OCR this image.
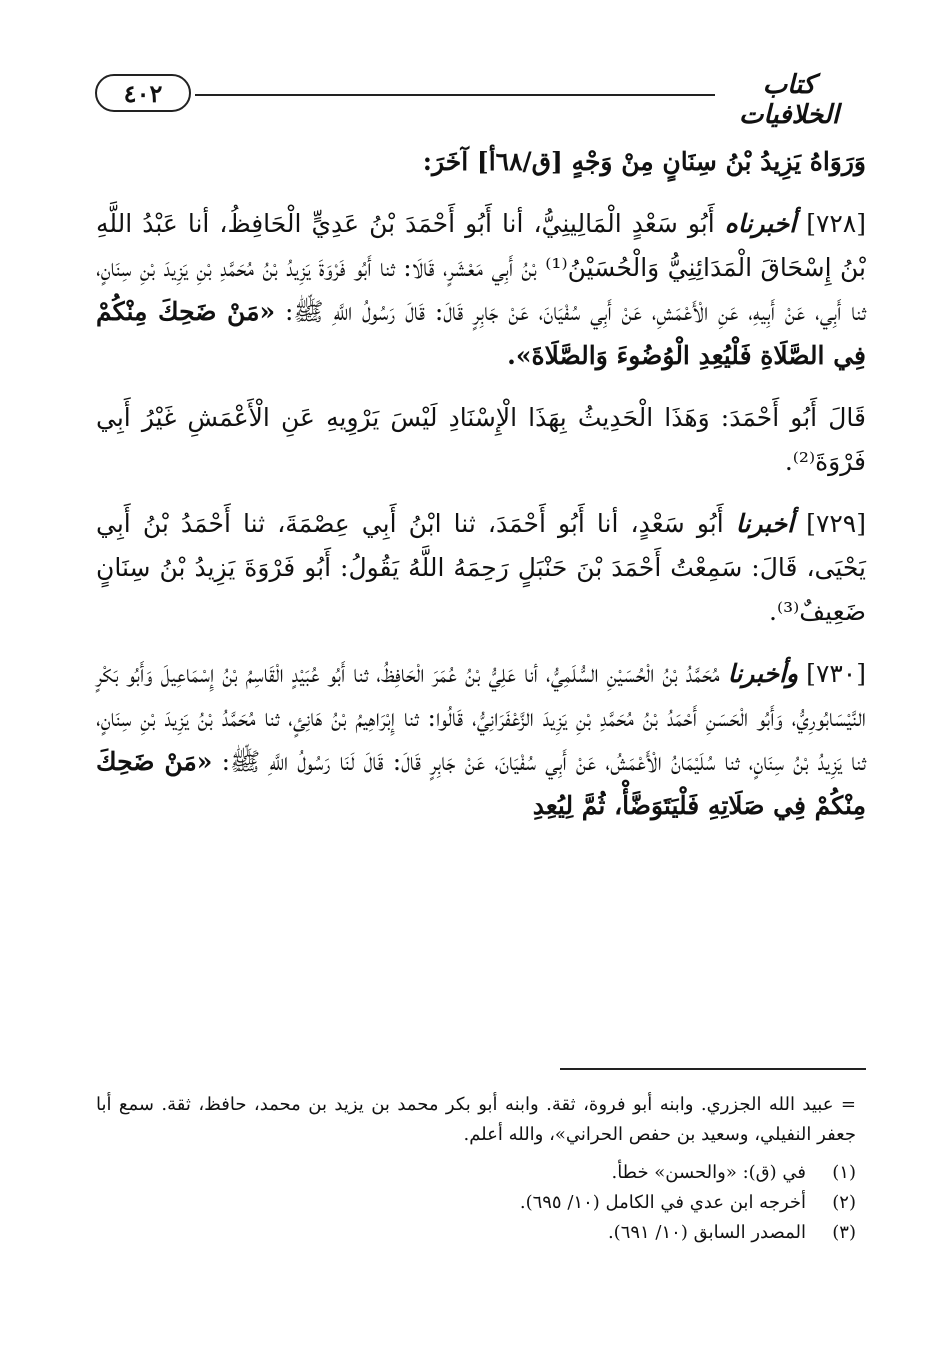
٤٠٢	كتاب الخلافيات

وَرَوَاهُ يَزِيدُ بْنُ سِنَانٍ مِنْ وَجْهٍ [ق/٦٨أ] آخَرَ:

[٧٢٨] أخبرناه أَبُو سَعْدٍ الْمَالِينِيُّ، أنا أَبُو أَحْمَدَ بْنُ عَدِيٍّ الْحَافِظُ، أنا عَبْدُ اللَّهِ بْنُ إِسْحَاقَ الْمَدَائِنِيُّ وَالْحُسَيْنُ⁽¹⁾ بْنُ أَبِي مَعْشَرٍ، قَالَا: ثنا أَبُو فَرْوَةَ يَزِيدُ بْنُ مُحَمَّدِ بْنِ يَزِيدَ بْنِ سِنَانٍ، ثنا أَبِي، عَنْ أَبِيهِ، عَنِ الْأَعْمَشِ، عَنْ أَبِي سُفْيَانَ، عَنْ جَابِرٍ قَالَ: قَالَ رَسُولُ اللَّهِ ﷺ: «مَنْ ضَحِكَ مِنْكُمْ فِي الصَّلَاةِ فَلْيُعِدِ الْوُضُوءَ وَالصَّلَاةَ».

قَالَ أَبُو أَحْمَدَ: وَهَذَا الْحَدِيثُ بِهَذَا الْإِسْنَادِ لَيْسَ يَرْوِيهِ عَنِ الْأَعْمَشِ غَيْرُ أَبِي فَرْوَةَ⁽²⁾.

[٧٢٩] أخبرنا أَبُو سَعْدٍ، أنا أَبُو أَحْمَدَ، ثنا ابْنُ أَبِي عِصْمَةَ، ثنا أَحْمَدُ بْنُ أَبِي يَحْيَى، قَالَ: سَمِعْتُ أَحْمَدَ بْنَ حَنْبَلٍ رَحِمَهُ اللَّهُ يَقُولُ: أَبُو فَرْوَةَ يَزِيدُ بْنُ سِنَانٍ ضَعِيفٌ⁽³⁾.

[٧٣٠] وأخبرنا مُحَمَّدُ بْنُ الْحُسَيْنِ السُّلَمِيُّ، أنا عَلِيُّ بْنُ عُمَرَ الْحَافِظُ، ثنا أَبُو عُبَيْدٍ الْقَاسِمُ بْنُ إِسْمَاعِيلَ وَأَبُو بَكْرٍ النَّيْسَابُورِيُّ، وَأَبُو الْحَسَنِ أَحْمَدُ بْنُ مُحَمَّدِ بْنِ يَزِيدَ الزَّعْفَرَانِيُّ، قَالُوا: ثنا إِبْرَاهِيمُ بْنُ هَانِئٍ، ثنا مُحَمَّدُ بْنُ يَزِيدَ بْنِ سِنَانٍ، ثنا يَزِيدُ بْنُ سِنَانٍ، ثنا سُلَيْمَانُ الْأَعْمَشُ، عَنْ أَبِي سُفْيَانَ، عَنْ جَابِرٍ قَالَ: قَالَ لَنَا رَسُولُ اللَّهِ ﷺ: «مَنْ ضَحِكَ مِنْكُمْ فِي صَلَاتِهِ فَلْيَتَوَضَّأْ، ثُمَّ لِيُعِدِ

= عبيد الله الجزري. وابنه أبو فروة، ثقة. وابنه أبو بكر محمد بن يزيد بن محمد، حافظ، ثقة. سمع أبا جعفر النفيلي، وسعيد بن حفص الحراني»، والله أعلم.

(١)
في (ق): «والحسن» خطأ.
(٢)
أخرجه ابن عدي في الكامل (١٠/ ٦٩٥).
(٣)
المصدر السابق (١٠/ ٦٩١).
